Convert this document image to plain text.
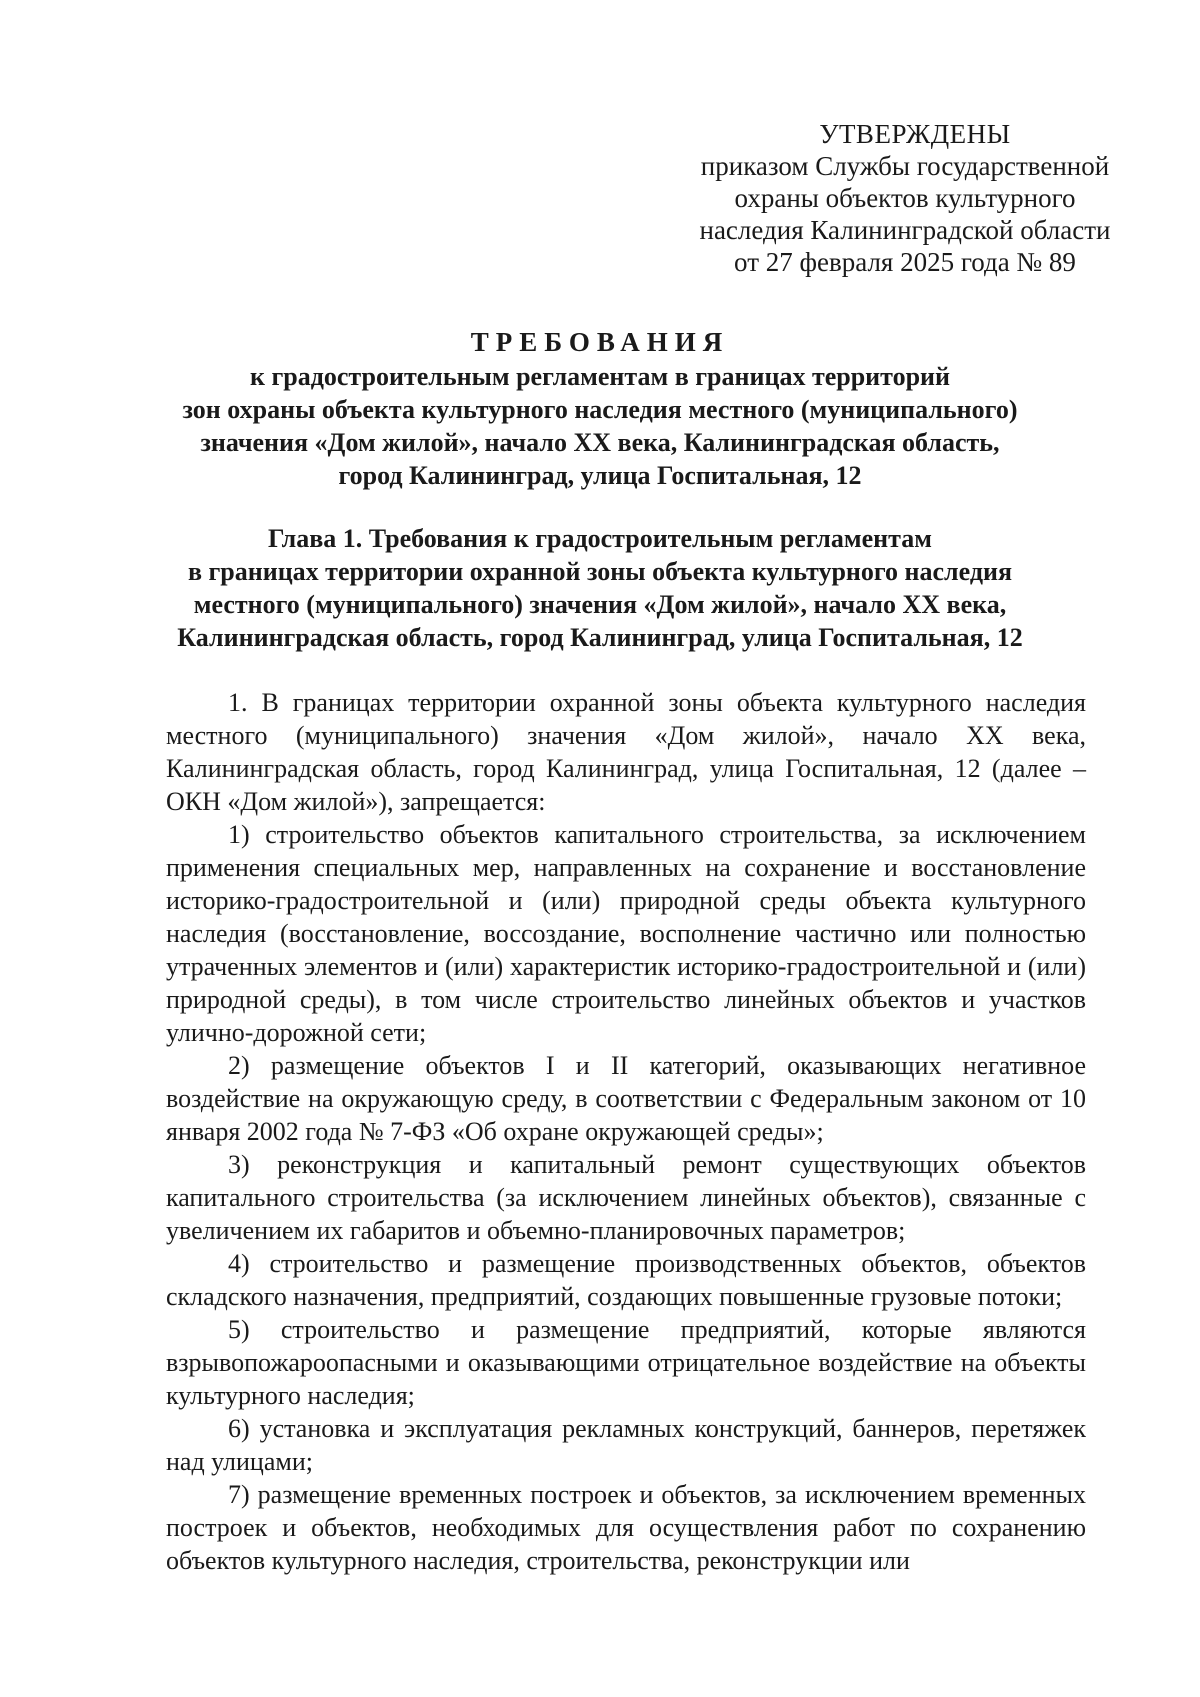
УТВЕРЖДЕНЫ
приказом Службы государственной
охраны объектов культурного
наследия Калининградской области
от 27 февраля 2025 года № 89
ТРЕБОВАНИЯ
к градостроительным регламентам в границах территорий
зон охраны объекта культурного наследия местного (муниципального)
значения «Дом жилой», начало XX века, Калининградская область,
город Калининград, улица Госпитальная, 12
Глава 1. Требования к градостроительным регламентам
в границах территории охранной зоны объекта культурного наследия
местного (муниципального) значения «Дом жилой», начало XX века,
Калининградская область, город Калининград, улица Госпитальная, 12

1. В границах территории охранной зоны объекта культурного наследия местного (муниципального) значения «Дом жилой», начало XX века, Калининградская область, город Калининград, улица Госпитальная, 12 (далее – ОКН «Дом жилой»), запрещается:

1) строительство объектов капитального строительства, за исключением применения специальных мер, направленных на сохранение и восстановление историко-градостроительной и (или) природной среды объекта культурного наследия (восстановление, воссоздание, восполнение частично или полностью утраченных элементов и (или) характеристик историко-градостроительной и (или) природной среды), в том числе строительство линейных объектов и участков улично-дорожной сети;

2) размещение объектов I и II категорий, оказывающих негативное воздействие на окружающую среду, в соответствии с Федеральным законом от 10 января 2002 года № 7-ФЗ «Об охране окружающей среды»;

3) реконструкция и капитальный ремонт существующих объектов капитального строительства (за исключением линейных объектов), связанные с увеличением их габаритов и объемно-планировочных параметров;

4) строительство и размещение производственных объектов, объектов складского назначения, предприятий, создающих повышенные грузовые потоки;

5) строительство и размещение предприятий, которые являются взрывопожароопасными и оказывающими отрицательное воздействие на объекты культурного наследия;

6) установка и эксплуатация рекламных конструкций, баннеров, перетяжек над улицами;

7) размещение временных построек и объектов, за исключением временных построек и объектов, необходимых для осуществления работ по сохранению объектов культурного наследия, строительства, реконструкции или
